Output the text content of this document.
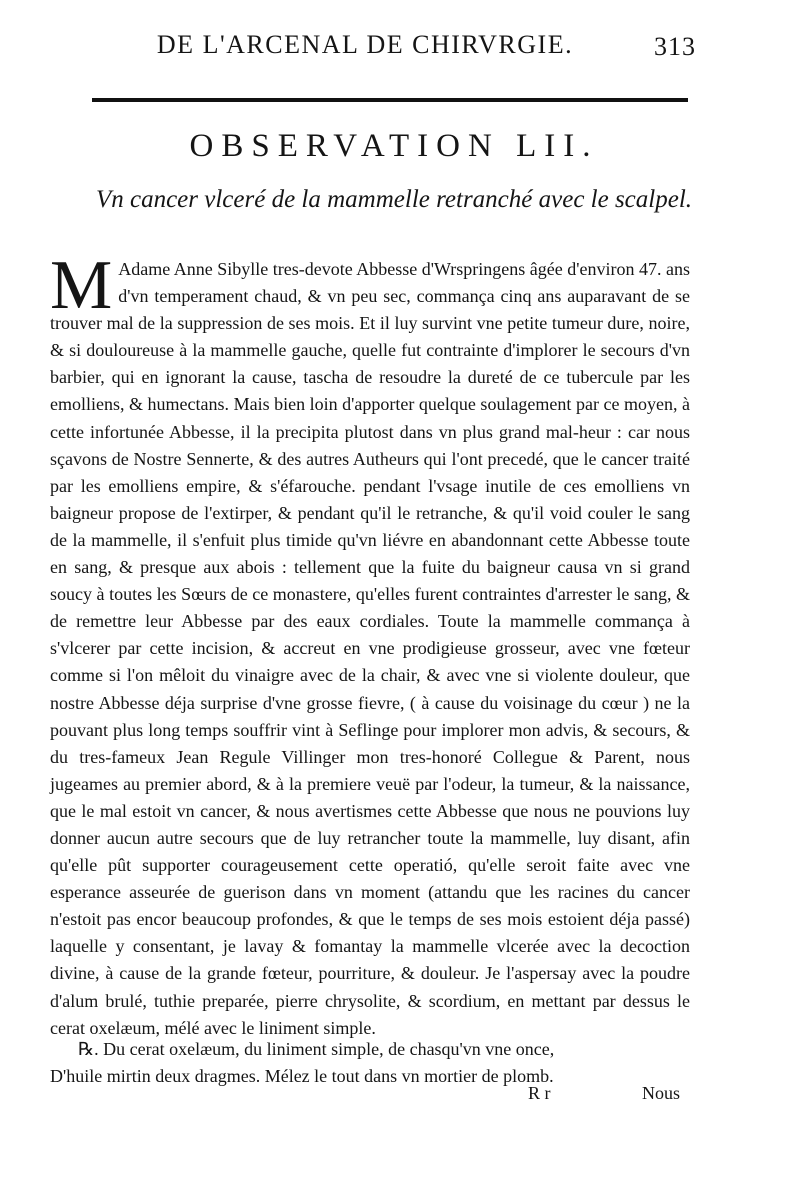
DE L'ARCENAL DE CHIRVRGIE.	313
OBSERVATION LII.
Vn cancer vlceré de la mammelle retranché avec le scalpel.
M Adame Anne Sibylle tres-devote Abbesse d'Wrspringens âgée d'environ 47. ans d'vn temperament chaud, & vn peu sec, commança cinq ans auparavant de se trouver mal de la suppression de ses mois. Et il luy survint vne petite tumeur dure, noire, & si douloureuse à la mammelle gauche, quelle fut contrainte d'implorer le secours d'vn barbier, qui en ignorant la cause, tascha de resoudre la dureté de ce tubercule par les emolliens, & humectans. Mais bien loin d'apporter quelque soulagement par ce moyen, à cette infortunée Abbesse, il la precipita plutost dans vn plus grand mal-heur : car nous sçavons de Nostre Sennerte, & des autres Autheurs qui l'ont precedé, que le cancer traité par les emolliens empire, & s'éfarouche. pendant l'vsage inutile de ces emolliens vn baigneur propose de l'extirper, & pendant qu'il le retranche, & qu'il void couler le sang de la mammelle, il s'enfuit plus timide qu'vn liévre en abandonnant cette Abbesse toute en sang, & presque aux abois : tellement que la fuite du baigneur causa vn si grand soucy à toutes les Sœurs de ce monastere, qu'elles furent contraintes d'arrester le sang, & de remettre leur Abbesse par des eaux cordiales. Toute la mammelle commança à s'vlcerer par cette incision, & accreut en vne prodigieuse grosseur, avec vne fœteur comme si l'on mêloit du vinaigre avec de la chair, & avec vne si violente douleur, que nostre Abbesse déja surprise d'vne grosse fievre, ( à cause du voisinage du cœur ) ne la pouvant plus long temps souffrir vint à Seflinge pour implorer mon advis, & secours, & du tres-fameux Jean Regule Villinger mon tres-honoré Collegue & Parent, nous jugeames au premier abord, & à la premiere veuë par l'odeur, la tumeur, & la naissance, que le mal estoit vn cancer, & nous avertismes cette Abbesse que nous ne pouvions luy donner aucun autre secours que de luy retrancher toute la mammelle, luy disant, afin qu'elle pût supporter courageusement cette operatió, qu'elle seroit faite avec vne esperance asseurée de guerison dans vn moment (attandu que les racines du cancer n'estoit pas encor beaucoup profondes, & que le temps de ses mois estoient déja passé) laquelle y consentant, je lavay & fomantay la mammelle vlcerée avec la decoction divine, à cause de la grande fœteur, pourriture, & douleur. Je l'aspersay avec la poudre d'alum brulé, tuthie preparée, pierre chrysolite, & scordium, en mettant par dessus le cerat oxelæum, mélé avec le liniment simple.

℞. Du cerat oxelæum, du liniment simple, de chasqu'vn vne once,

D'huile mirtin deux dragmes. Mélez le tout dans vn mortier de plomb.

R r	Nous
